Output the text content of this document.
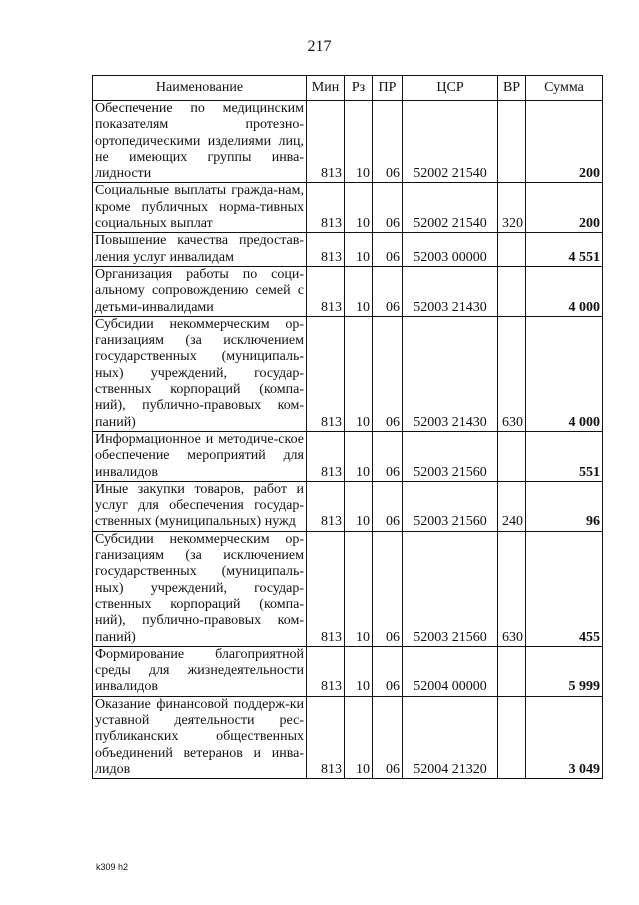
217
Наименование	Мин	Рз	ПР	ЦСР	ВР	Сумма
Обеспечение по медицинским показателям протезно-ортопедическими изделиями лиц, не имеющих группы инва-лидности	813	10	06	52002 21540		200
Социальные выплаты гражда-нам, кроме публичных норма-тивных социальных выплат	813	10	06	52002 21540	320	200
Повышение качества предостав-ления услуг инвалидам	813	10	06	52003 00000		4 551
Организация работы по соци-альному сопровождению семей с детьми-инвалидами	813	10	06	52003 21430		4 000
Субсидии некоммерческим ор-ганизациям (за исключением государственных (муниципаль-ных) учреждений, государ-ственных корпораций (компа-ний), публично-правовых ком-паний)	813	10	06	52003 21430	630	4 000
Информационное и методиче-ское обеспечение мероприятий для инвалидов	813	10	06	52003 21560		551
Иные закупки товаров, работ и услуг для обеспечения государ-ственных (муниципальных) нужд	813	10	06	52003 21560	240	96
Субсидии некоммерческим ор-ганизациям (за исключением государственных (муниципаль-ных) учреждений, государ-ственных корпораций (компа-ний), публично-правовых ком-паний)	813	10	06	52003 21560	630	455
Формирование благоприятной среды для жизнедеятельности инвалидов	813	10	06	52004 00000		5 999
Оказание финансовой поддерж-ки уставной деятельности рес-публиканских общественных объединений ветеранов и инва-лидов	813	10	06	52004 21320		3 049
k309 h2
